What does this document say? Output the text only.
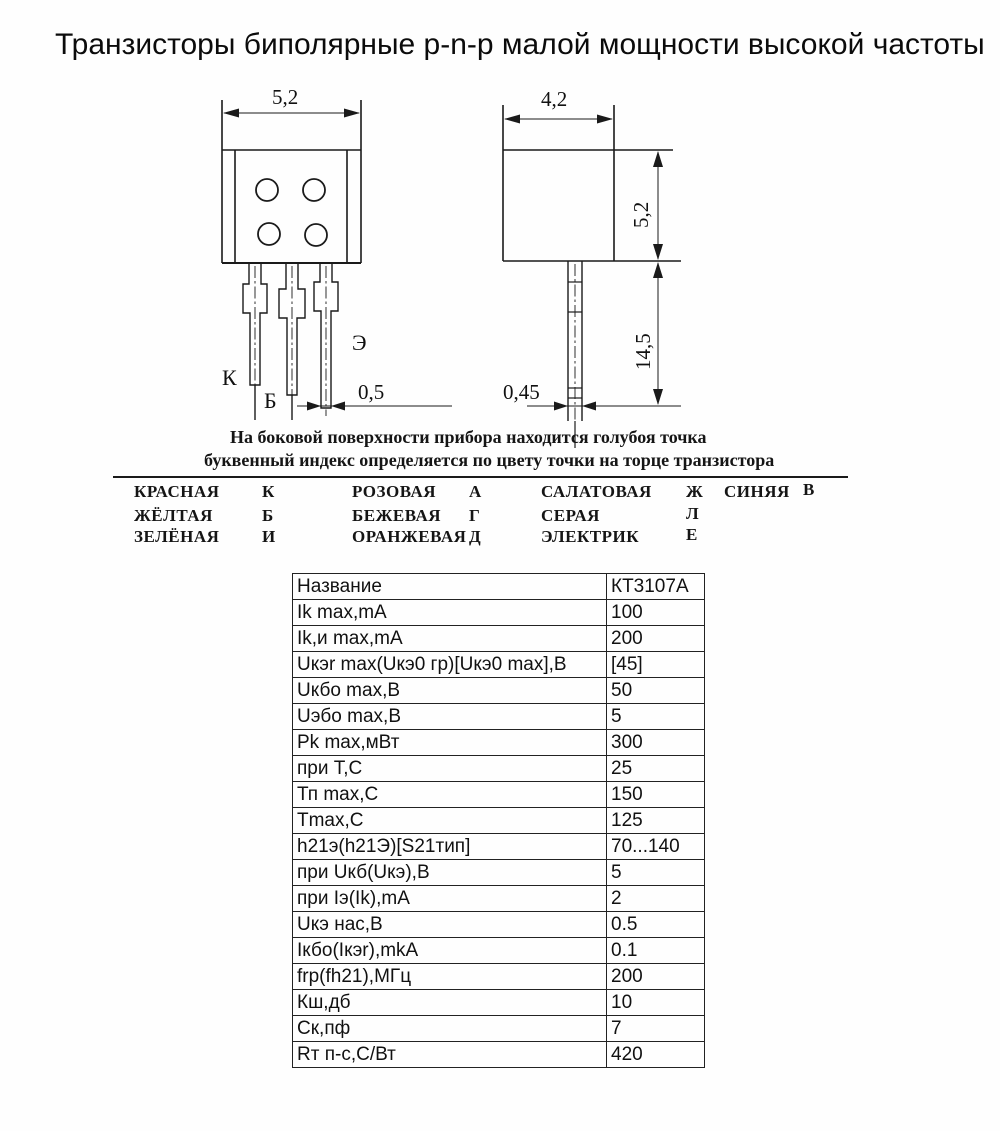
Транзисторы биполярные p-n-p малой мощности высокой частоты
5,2
К
Б
Э
0,5
4,2
5,2
14,5
0,45
На боковой поверхности прибора находится голубоя точка
буквенный индекс определяется по цвету точки на торце транзистора
КРАСНАЯ К	РОЗОВАЯ А	САЛАТОВАЯ Ж СИНЯЯ В
ЖЁЛТАЯ	Б	БЕЖЕВАЯ Г	СЕРАЯ	Л
ЗЕЛЁНАЯ	И	ОРАНЖЕВАЯ Д	ЭЛЕКТРИК	Е
Название	КТ3107А
Ik max,mA	100
Ik,и max,mA	200
Uкэr max(Uкэ0 гр)[Uкэ0 max],В	[45]
Uкбо max,В	50
Uэбо max,В	5
Pk max,мВт	300
при Т,С	25
Тп max,С	150
Tmax,C	125
h21э(h21Э)[S21тип]	70...140
при Uкб(Uкэ),В	5
при Iэ(Ik),mA	2
Uкэ нас,В	0.5
Iкбо(Iкэr),mkA	0.1
frp(fh21),МГц	200
Кш,дб	10
Ск,пф	7
Rт п-с,С/Вт	420
